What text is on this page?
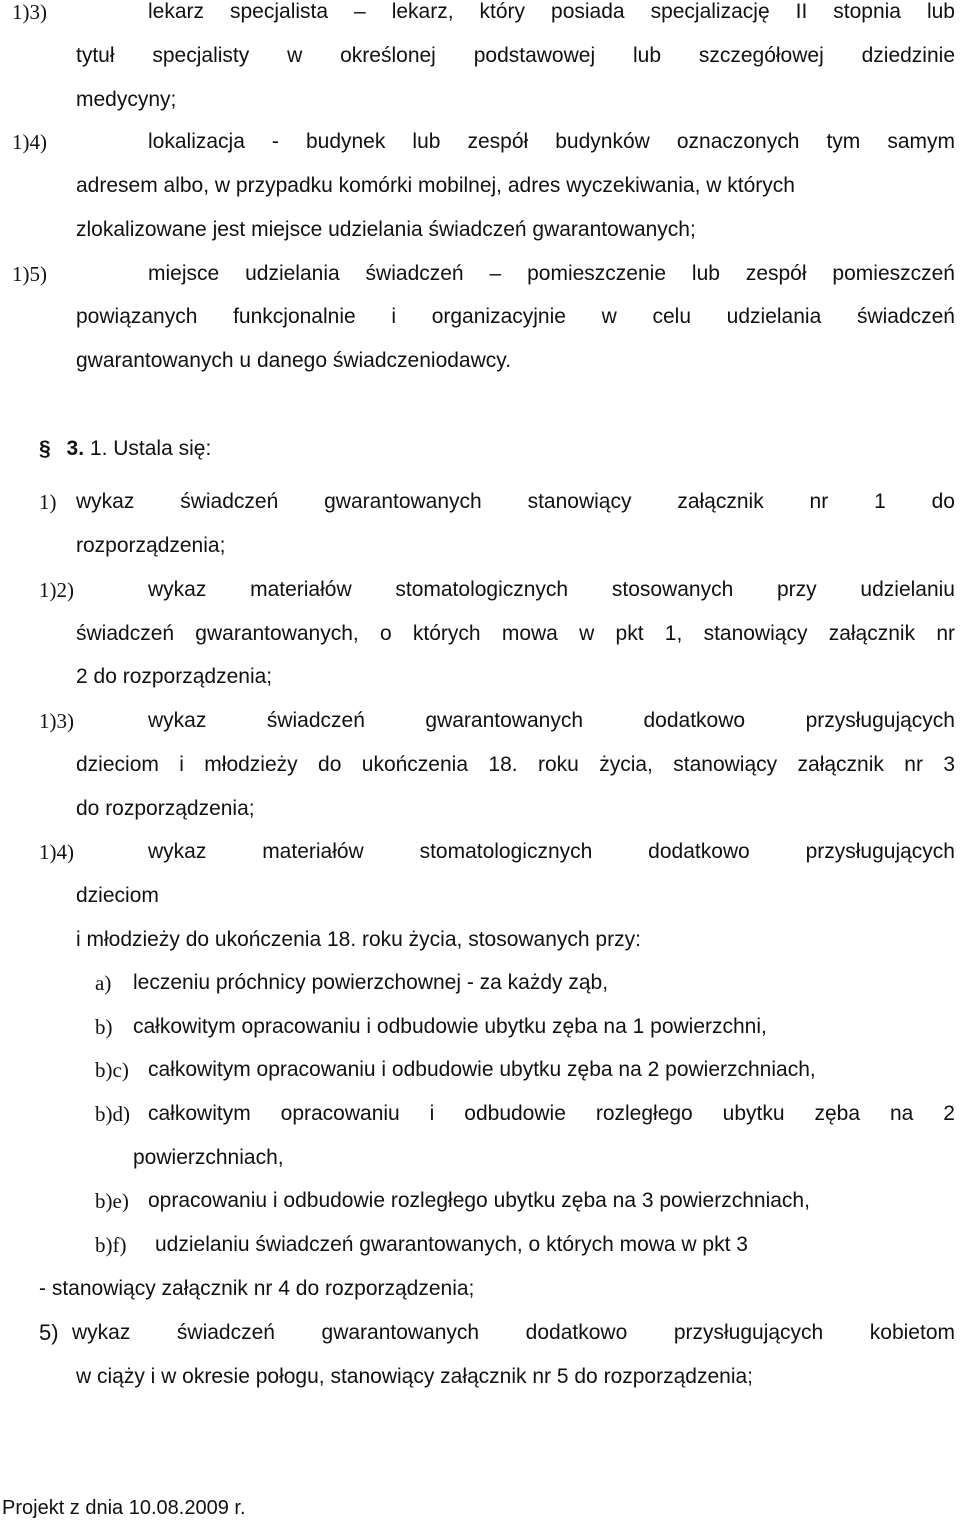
1)3)	lekarz specjalista – lekarz, który posiada specjalizację II stopnia lub
tytuł specjalisty w określonej podstawowej lub szczegółowej dziedzinie
medycyny;
1)4)	lokalizacja - budynek lub zespół budynków oznaczonych tym samym
adresem albo, w przypadku komórki mobilnej, adres wyczekiwania, w których
zlokalizowane jest miejsce udzielania świadczeń gwarantowanych;
1)5)	miejsce udzielania świadczeń – pomieszczenie lub zespół pomieszczeń
powiązanych funkcjonalnie i organizacyjnie w celu udzielania świadczeń
gwarantowanych u danego świadczeniodawcy.
§ 3. 1. Ustala się:
1) wykaz świadczeń gwarantowanych stanowiący załącznik nr 1 do
rozporządzenia;
1)2)	wykaz materiałów stomatologicznych stosowanych przy udzielaniu
świadczeń gwarantowanych, o których mowa w pkt 1, stanowiący załącznik nr
2 do rozporządzenia;
1)3)	wykaz świadczeń gwarantowanych dodatkowo przysługujących
dzieciom i młodzieży do ukończenia 18. roku życia, stanowiący załącznik nr 3
do rozporządzenia;
1)4)	wykaz materiałów stomatologicznych dodatkowo przysługujących
dzieciom
i młodzieży do ukończenia 18. roku życia, stosowanych przy:
a) leczeniu próchnicy powierzchownej - za każdy ząb,
b) całkowitym opracowaniu i odbudowie ubytku zęba na 1 powierzchni,
b)c) całkowitym opracowaniu i odbudowie ubytku zęba na 2 powierzchniach,
b)d) całkowitym opracowaniu i odbudowie rozległego ubytku zęba na 2
powierzchniach,
b)e) opracowaniu i odbudowie rozległego ubytku zęba na 3 powierzchniach,
b)f) udzielaniu świadczeń gwarantowanych, o których mowa w pkt 3
- stanowiący załącznik nr 4 do rozporządzenia;
5) wykaz świadczeń gwarantowanych dodatkowo przysługujących kobietom
w ciąży i w okresie połogu, stanowiący załącznik nr 5 do rozporządzenia;
Projekt z dnia 10.08.2009 r.
